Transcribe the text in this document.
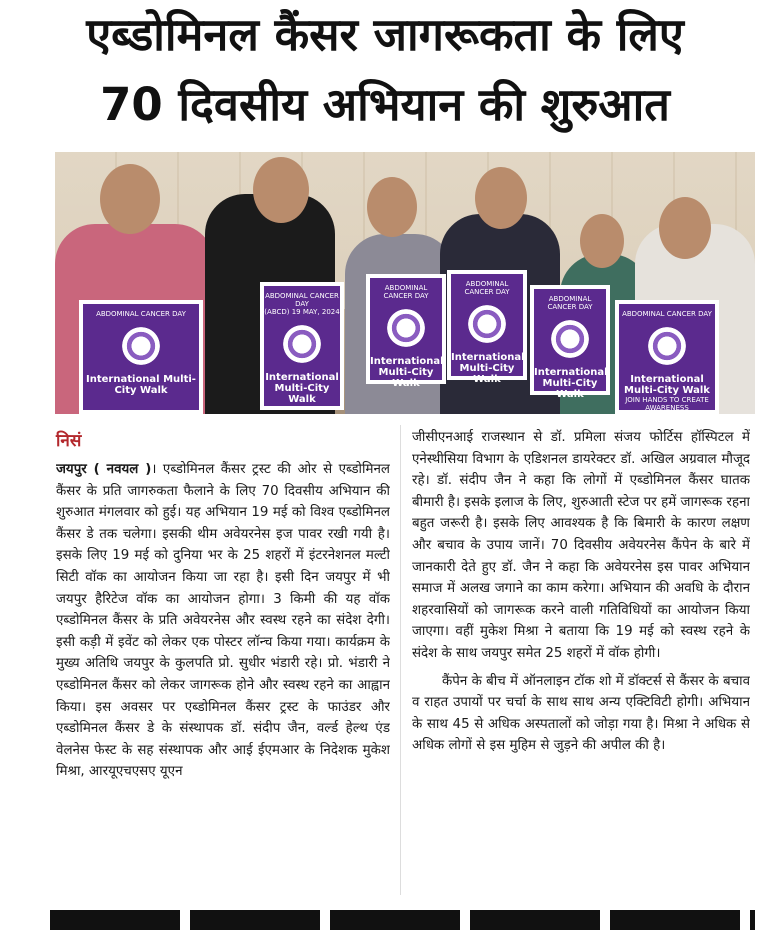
एब्डोमिनल कैंसर जागरूकता के लिए
70 दिवसीय अभियान की शुरुआत
ABDOMINAL CANCER DAY
International Multi-City Walk
ABDOMINAL CANCER DAY
(ABCD) 19 MAY, 2024
International Multi-City Walk
ABDOMINAL CANCER DAY
International Multi-City Walk
ABDOMINAL CANCER DAY
International Multi-City Walk
ABDOMINAL CANCER DAY
International Multi-City Walk
ABDOMINAL CANCER DAY
International Multi-City Walk
JOIN HANDS TO CREATE AWARENESS
निसं

जयपुर ( नवयल )। एब्डोमिनल कैंसर ट्रस्ट की ओर से एब्डोमिनल कैंसर के प्रति जागरुकता फैलाने के लिए 70 दिवसीय अभियान की शुरुआत मंगलवार को हुई। यह अभियान 19 मई को विश्व एब्डोमिनल कैंसर डे तक चलेगा। इसकी थीम अवेयरनेस इज पावर रखी गयी है। इसके लिए 19 मई को दुनिया भर के 25 शहरों में इंटरनेशनल मल्टी सिटी वॉक का आयोजन किया जा रहा है। इसी दिन जयपुर में भी जयपुर हैरिटेज वॉक का आयोजन होगा। 3 किमी की यह वॉक एब्डोमिनल कैंसर के प्रति अवेयरनेस और स्वस्थ रहने का संदेश देगी। इसी कड़ी में इवेंट को लेकर एक पोस्टर लॉन्च किया गया। कार्यक्रम के मुख्य अतिथि जयपुर के कुलपति प्रो. सुधीर भंडारी रहे। प्रो. भंडारी ने एब्डोमिनल कैंसर को लेकर जागरूक होने और स्वस्थ रहने का आह्वान किया। इस अवसर पर एब्डोमिनल कैंसर ट्रस्ट के फाउंडर और एब्डोमिनल कैंसर डे के संस्थापक डॉ. संदीप जैन, वर्ल्ड हेल्थ एंड वेलनेस फेस्ट के सह संस्थापक और आई ईएमआर के निदेशक मुकेश मिश्रा, आरयूएचएसए यूएन

जीसीएनआई राजस्थान से डॉ. प्रमिला संजय फोर्टिस हॉस्पिटल में एनेस्थीसिया विभाग के एडिशनल डायरेक्टर डॉ. अखिल अग्रवाल मौजूद रहे। डॉ. संदीप जैन ने कहा कि लोगों में एब्डोमिनल कैंसर घातक बीमारी है। इसके इलाज के लिए, शुरुआती स्टेज पर हमें जागरूक रहना बहुत जरूरी है। इसके लिए आवश्यक है कि बिमारी के कारण लक्षण और बचाव के उपाय जानें। 70 दिवसीय अवेयरनेस कैंपेन के बारे में जानकारी देते हुए डॉ. जैन ने कहा कि अवेयरनेस इस पावर अभियान समाज में अलख जगाने का काम करेगा। अभियान की अवधि के दौरान शहरवासियों को जागरूक करने वाली गतिविधियों का आयोजन किया जाएगा। वहीं मुकेश मिश्रा ने बताया कि 19 मई को स्वस्थ रहने के संदेश के साथ जयपुर समेत 25 शहरों में वॉक होगी।

कैंपेन के बीच में ऑनलाइन टॉक शो में डॉक्टर्स से कैंसर के बचाव व राहत उपायों पर चर्चा के साथ साथ अन्य एक्टिविटी होगी। अभियान के साथ 45 से अधिक अस्पतालों को जोड़ा गया है। मिश्रा ने अधिक से अधिक लोगों से इस मुहिम से जुड़ने की अपील की है।
